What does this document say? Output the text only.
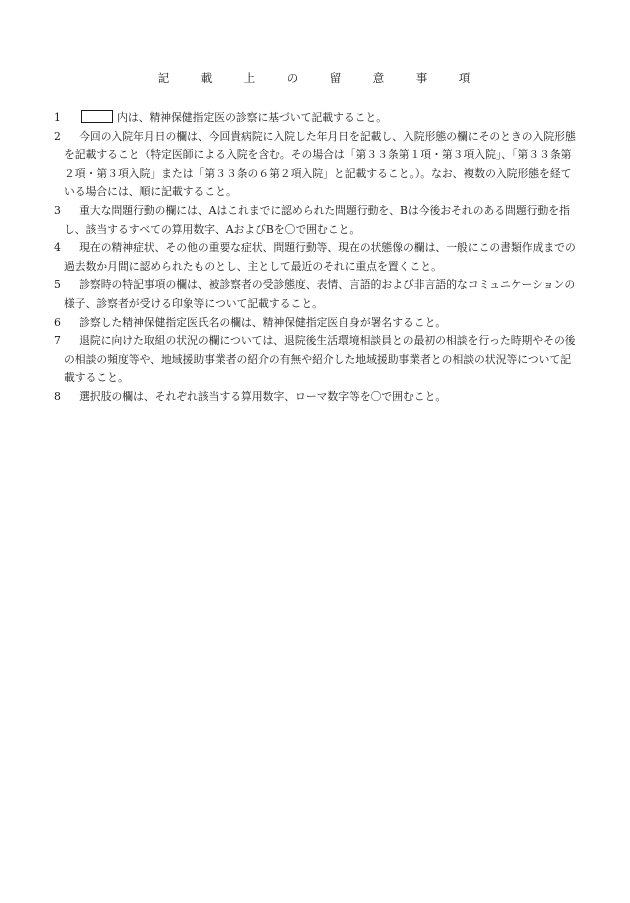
記　載　上　の　留　意　事　項
1	内は、精神保健指定医の診察に基づいて記載すること。
2	今回の入院年月日の欄は、今回貴病院に入院した年月日を記載し、入院形態の欄にそのときの入院形態を記載すること（特定医師による入院を含む。その場合は「第３３条第１項・第３項入院」、「第３３条第２項・第３項入院」または「第３３条の６第２項入院」と記載すること。）。なお、複数の入院形態を経ている場合には、順に記載すること。
3	重大な問題行動の欄には、Aはこれまでに認められた問題行動を、Bは今後おそれのある問題行動を指し、該当するすべての算用数字、AおよびBを〇で囲むこと。
4	現在の精神症状、その他の重要な症状、問題行動等、現在の状態像の欄は、一般にこの書類作成までの過去数か月間に認められたものとし、主として最近のそれに重点を置くこと。
5	診察時の特記事項の欄は、被診察者の受診態度、表情、言語的および非言語的なコミュニケーションの様子、診察者が受ける印象等について記載すること。
6	診察した精神保健指定医氏名の欄は、精神保健指定医自身が署名すること。
7	退院に向けた取組の状況の欄については、退院後生活環境相談員との最初の相談を行った時期やその後の相談の頻度等や、地域援助事業者の紹介の有無や紹介した地域援助事業者との相談の状況等について記載すること。
8	選択肢の欄は、それぞれ該当する算用数字、ローマ数字等を〇で囲むこと。
